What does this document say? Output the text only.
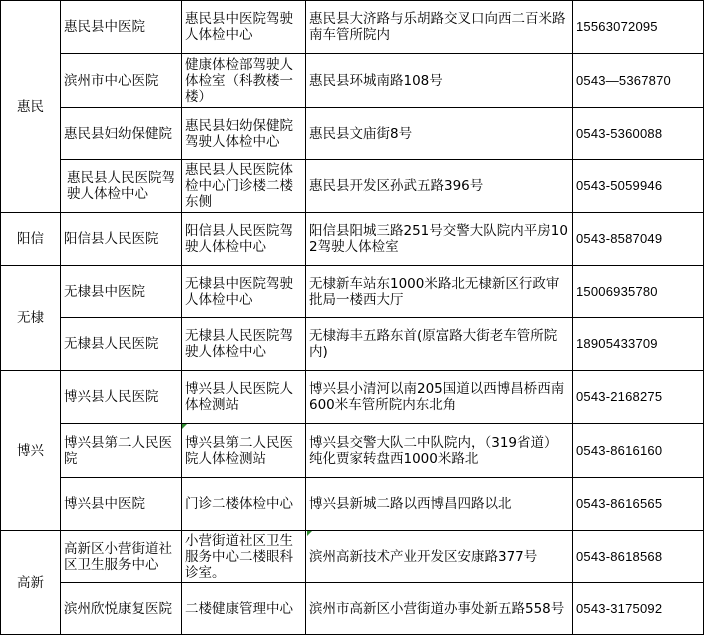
惠民	惠民县中医院	惠民县中医院驾驶人体检中心	惠民县大济路与乐胡路交叉口向西二百米路南车管所院内	15563072095
	滨州市中心医院	健康体检部驾驶人体检室（科教楼一楼）	惠民县环城南路108号	0543—5367870
	惠民县妇幼保健院	惠民县妇幼保健院驾驶人体检中心	惠民县文庙街8号	0543-5360088
	惠民县人民医院驾驶人体检中心	惠民县人民医院体检中心门诊楼二楼东侧	惠民县开发区孙武五路396号	0543-5059946
阳信	阳信县人民医院	阳信县人民医院驾驶人体检中心	阳信县阳城三路251号交警大队院内平房102驾驶人体检室	0543-8587049
无棣	无棣县中医院	无棣县中医院驾驶人体检中心	无棣新车站东1000米路北无棣新区行政审批局一楼西大厅	15006935780
	无棣县人民医院	无棣县人民医院驾驶人体检中心	无棣海丰五路东首(原富路大街老车管所院内)	18905433709
博兴	博兴县人民医院	博兴县人民医院人体检测站	博兴县小清河以南205国道以西博昌桥西南600米车管所院内东北角	0543-2168275
	博兴县第二人民医院	博兴县第二人民医院人体检测站	博兴县交警大队二中队院内，（319省道）纯化贾家转盘西1000米路北	0543-8616160
	博兴县中医院	门诊二楼体检中心	博兴县新城二路以西博昌四路以北	0543-8616565
高新	高新区小营街道社区卫生服务中心	小营街道社区卫生服务中心二楼眼科诊室。	滨州高新技术产业开发区安康路377号	0543-8618568
	滨州欣悦康复医院	二楼健康管理中心	滨州市高新区小营街道办事处新五路558号	0543-3175092
